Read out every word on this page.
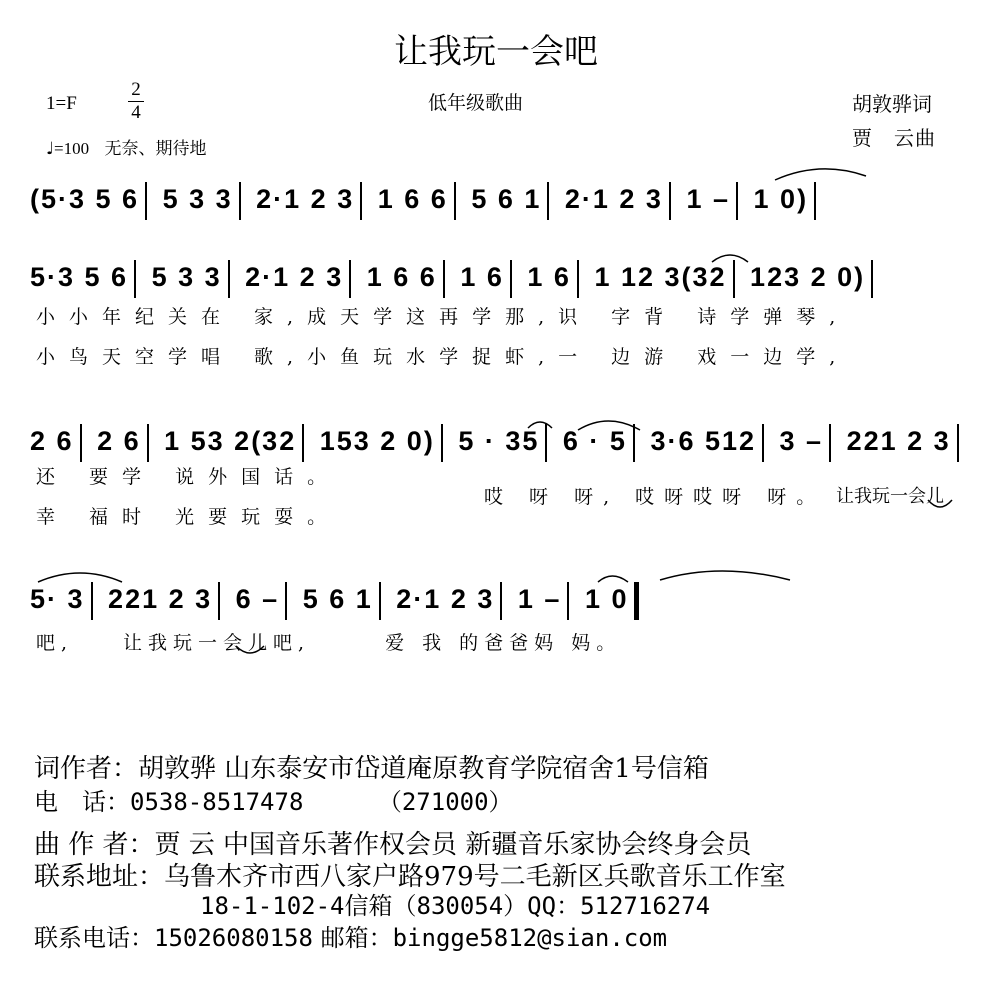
让我玩一会吧
1=F
2
4
♩=100 无奈、期待地
低年级歌曲	胡敦骅词
贾　云曲
(5·3 5 6 5 3 3 2·1 2 3 1 6 6 5 6 1 2·1 2 3 1 – 1 0)
5·3 5 6 5 3 3 2·1 2 3 1 6 6 1 6 1 6 1 12 3(32 123 2 0)
小小年纪关在 家,成天学这再学那,识 字背 诗学弹琴,
小鸟天空学唱 歌,小鱼玩水学捉虾,一 边游 戏一边学,
2 6 2 6 1 53 2(32 153 2 0) 5 · 35 6 · 5 3·6 512 3 – 221 2 3
还 要学 说外国话。
幸 福时 光要玩耍。
哎 呀 呀, 哎呀哎呀 呀。 让我玩一会儿
5· 3 221 2 3 6 – 5 6 1 2·1 2 3 1 – 1 0
吧,　　让我玩一会儿吧,　　　爱 我 的爸爸妈 妈。
词作者：胡敦骅 山东泰安市岱道庵原教育学院宿舍1号信箱
电　话：0538-8517478	（271000）
曲 作 者：贾 云 中国音乐著作权会员 新疆音乐家协会终身会员
联系地址：乌鲁木齐市西八家户路979号二毛新区兵歌音乐工作室
18-1-102-4信箱（830054）QQ：512716274
联系电话：15026080158 邮箱：bingge5812@sian.com
